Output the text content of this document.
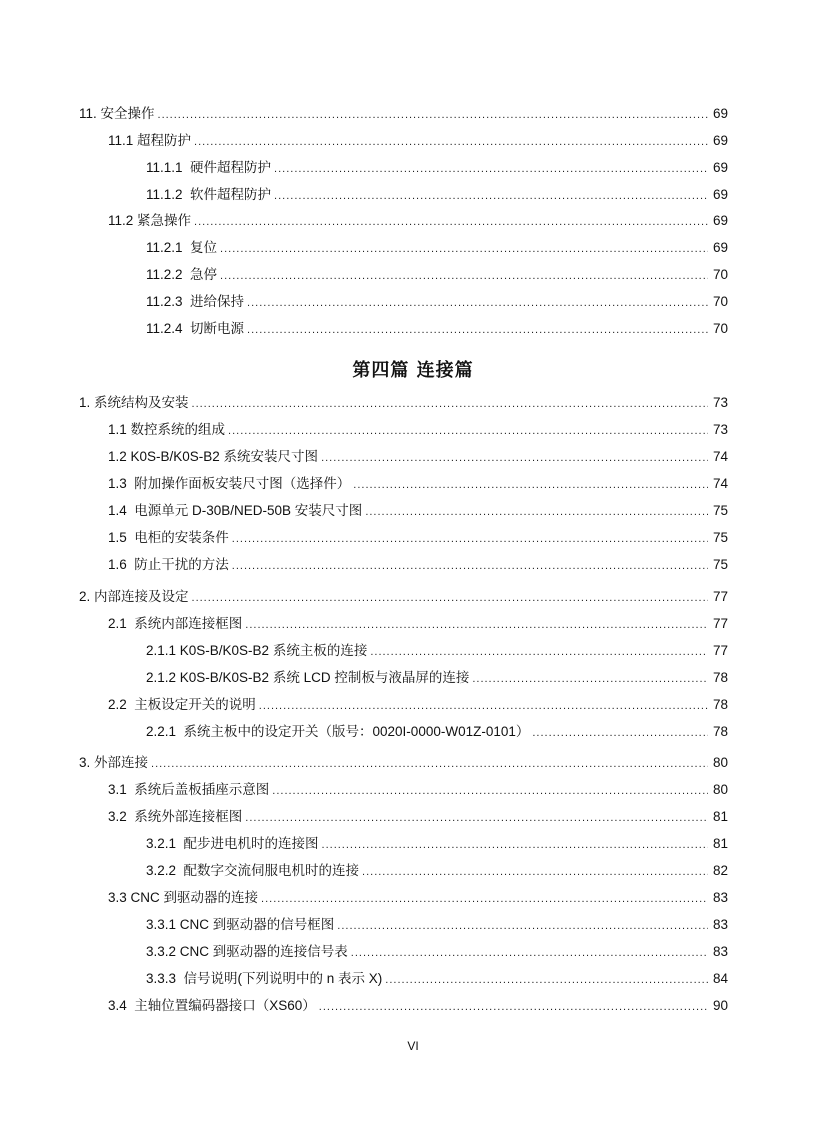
11. 安全操作 .....	69
11.1 超程防护 .....	69
11.1.1  硬件超程防护 .....	69
11.1.2  软件超程防护 .....	69
11.2 紧急操作 .....	69
11.2.1  复位 .....	69
11.2.2  急停 .....	70
11.2.3  进给保持 .....	70
11.2.4  切断电源 .....	70
第四篇 连接篇
1. 系统结构及安装 .....	73
1.1 数控系统的组成 .....	73
1.2 K0S-B/K0S-B2 系统安装尺寸图 .....	74
1.3  附加操作面板安装尺寸图（选择件） .....	74
1.4  电源单元 D-30B/NED-50B 安装尺寸图 .....	75
1.5  电柜的安装条件 .....	75
1.6  防止干扰的方法 .....	75
2. 内部连接及设定 .....	77
2.1  系统内部连接框图 .....	77
2.1.1 K0S-B/K0S-B2 系统主板的连接 .....	77
2.1.2 K0S-B/K0S-B2 系统 LCD 控制板与液晶屏的连接 .....	78
2.2  主板设定开关的说明 .....	78
2.2.1  系统主板中的设定开关（版号：0020I-0000-W01Z-0101） .....	78
3. 外部连接 .....	80
3.1  系统后盖板插座示意图 .....	80
3.2  系统外部连接框图 .....	81
3.2.1  配步进电机时的连接图 .....	81
3.2.2  配数字交流伺服电机时的连接 .....	82
3.3 CNC 到驱动器的连接 .....	83
3.3.1 CNC 到驱动器的信号框图 .....	83
3.3.2 CNC 到驱动器的连接信号表 .....	83
3.3.3  信号说明(下列说明中的 n 表示 X) .....	84
3.4  主轴位置编码器接口（XS60） .....	90
VI
